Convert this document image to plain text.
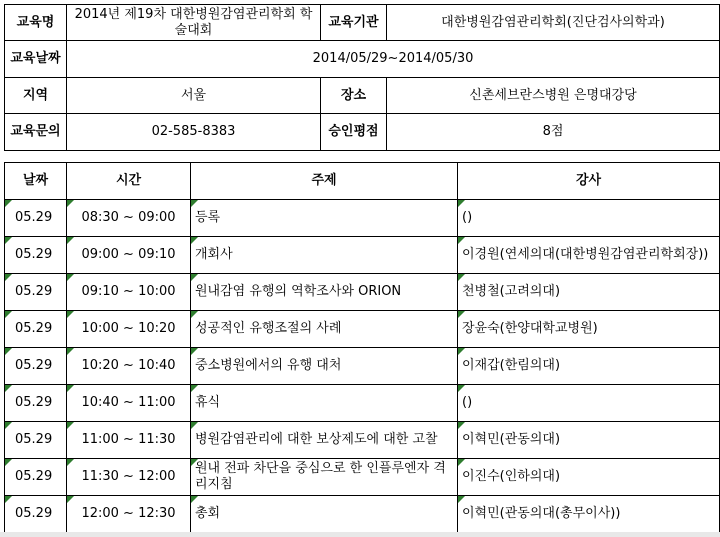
교육명	2014년 제19차 대한병원감염관리학회 학술대회	교육기관	대한병원감염관리학회(진단검사의학과)
교육날짜	2014/05/29~2014/05/30		
지역	서울	장소	신촌세브란스병원 은명대강당
교육문의	02-585-8383	승인평점	8점
날짜	시간	주제	강사

05.29	08:30 ~ 09:00	등록	()

05.29	09:00 ~ 09:10	개회사	이경원(연세의대(대한병원감염관리학회장))

05.29	09:10 ~ 10:00	원내감염 유행의 역학조사와 ORION	천병철(고려의대)

05.29	10:00 ~ 10:20	성공적인 유행조절의 사례	장윤숙(한양대학교병원)

05.29	10:20 ~ 10:40	중소병원에서의 유행 대처	이재갑(한림의대)

05.29	10:40 ~ 11:00	휴식	()

05.29	11:00 ~ 11:30	병원감염관리에 대한 보상제도에 대한 고찰	이혁민(관동의대)

05.29	11:30 ~ 12:00	원내 전파 차단을 중심으로 한 인플루엔자 격리지침	이진수(인하의대)

05.29	12:00 ~ 12:30	총회	이혁민(관동의대(총무이사))
